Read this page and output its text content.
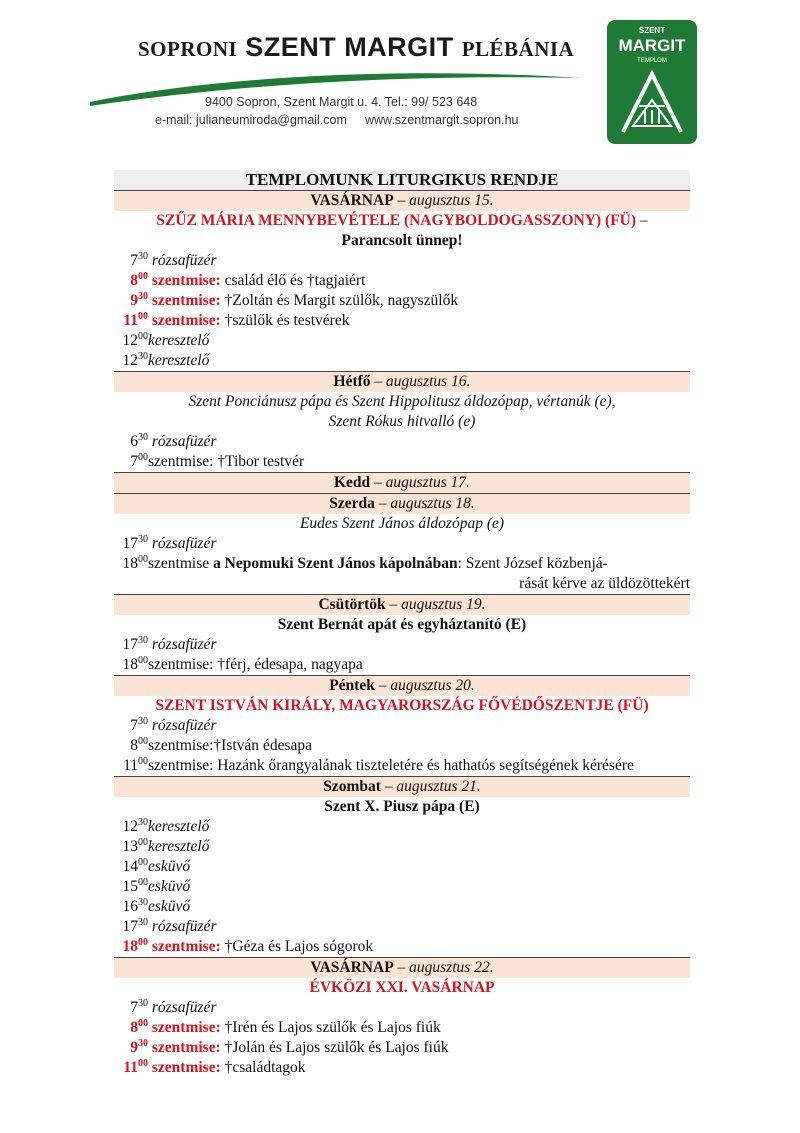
SOPRONI SZENT MARGIT PLÉBÁNIA
9400 Sopron, Szent Margit u. 4. Tel.: 99/ 523 648
e-mail: julianeumiroda@gmail.com www.szentmargit.sopron.hu
SZENT
MARGIT
TEMPLOM
TEMPLOMUNK LITURGIKUS RENDJE
VASÁRNAP – augusztus 15.
SZŰZ MÁRIA MENNYBEVÉTELE (NAGYBOLDOGASSZONY) (FÜ) –
Parancsolt ünnep!
$7^{30}$ rózsafüzér
$8^{00}$ szentmise: család élő és †tagjaiért
$9^{30}$ szentmise: †Zoltán és Margit szülők, nagyszülők
$11^{00}$ szentmise: †szülők és testvérek
$12^{00}keresztelő$
$12^{30}keresztelő$
Hétfő – augusztus 16.
Szent Ponciánusz pápa és Szent Hippolitusz áldozópap, vértanúk (e),
Szent Rókus hitvalló (e)
$6^{30}$ rózsafüzér
$7^{00}szentmise$: †Tibor testvér
Kedd – augusztus 17.
Szerda – augusztus 18.
Eudes Szent János áldozópap (e)
$17^{30}$ rózsafüzér
$18^{00}szentmise$ a Nepomuki Szent János kápolnában: Szent József közbenjá-
rását kérve az üldözöttekért
Csütörtök – augusztus 19.
Szent Bernát apát és egyháztanító (E)
$17^{30}$ rózsafüzér
$18^{00}szentmise$: †férj, édesapa, nagyapa
Péntek – augusztus 20.
SZENT ISTVÁN KIRÁLY, MAGYARORSZÁG FŐVÉDŐSZENTJE (FÜ)
$7^{30}$ rózsafüzér
$8^{00}szentmise:\dagger István$ édesapa
$11^{00}szentmise$: Hazánk őrangyalának tiszteletére és hathatós segítségének kérésére
Szombat – augusztus 21.
Szent X. Piusz pápa (E)
$12^{30}keresztelő$
$13^{00}keresztelő$
$14^{00}esküvő$
$15^{00}esküvő$
$16^{30}esküvő$
$17^{30}$ rózsafüzér
$18^{00}$ szentmise: †Géza és Lajos sógorok
VASÁRNAP – augusztus 22.
ÉVKÖZI XXI. VASÁRNAP
$7^{30}$ rózsafüzér
$8^{00}$ szentmise: †Irén és Lajos szülők és Lajos fiúk
$9^{30}$ szentmise: †Jolán és Lajos szülők és Lajos fiúk
$11^{00}$ szentmise: †családtagok
